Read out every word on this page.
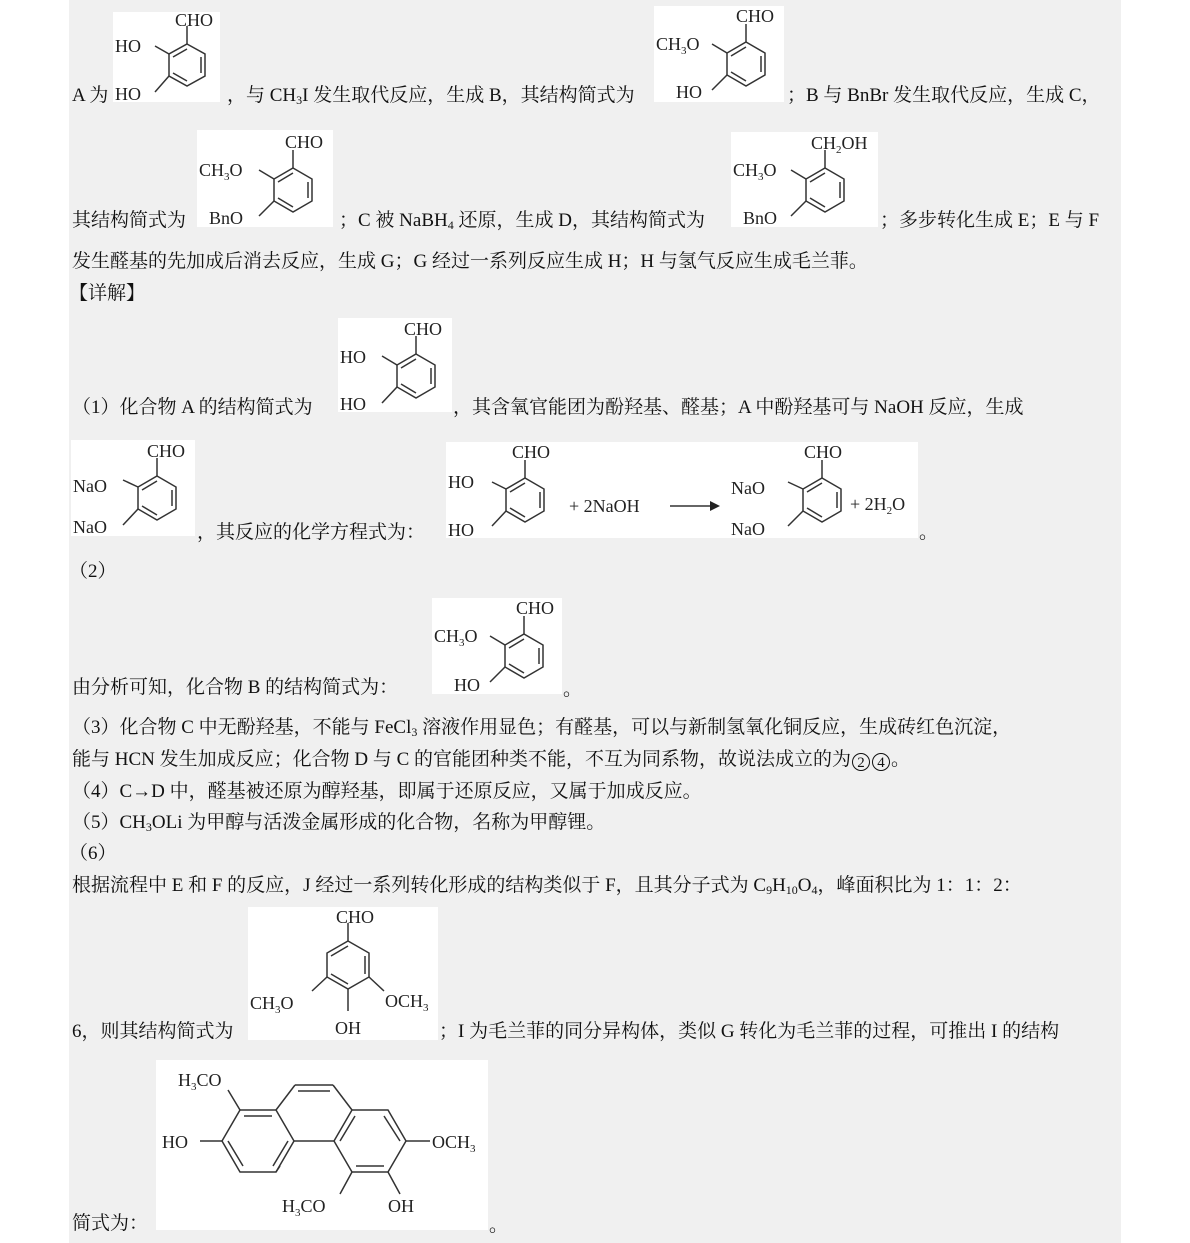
A 为
CHO
HO
HO	，与 $CH_3I$ 发生取代反应，生成 B，其结构简式为
CHO
$CH_3O$
HO	；B 与 BnBr 发生取代反应，生成 C，
其结构简式为
CHO
$CH_3O$
BnO	；C 被 NaBH$_4$ 还原，生成 D，其结构简式为
$CH_2OH$
$CH_3O$
BnO	；多步转化生成 E；E 与 F
发生醛基的先加成后消去反应，生成 G；G 经过一系列反应生成 H；H 与氢气反应生成毛兰菲。
【详解】
（1）化合物 A 的结构简式为
CHO
HO
HO	，其含氧官能团为酚羟基、醛基；A 中酚羟基可与 NaOH 反应，生成
CHO
NaO
NaO	，其反应的化学方程式为：
CHO
HO
HO
+ 2NaOH
CHO
NaO
NaO
+ $2H_2O$
。
（2）
由分析可知，化合物 B 的结构简式为：
CHO
$CH_3O$
HO	。
（3）化合物 C 中无酚羟基，不能与 FeCl$_3$ 溶液作用显色；有醛基，可以与新制氢氧化铜反应，生成砖红色沉淀，
能与 HCN 发生加成反应；化合物 D 与 C 的官能团种类不能，不互为同系物，故说法成立的为 2 4 。
（4）C→D 中，醛基被还原为醇羟基，即属于还原反应，又属于加成反应。
$(5)CH_3OLi$ 为甲醇与活泼金属形成的化合物，名称为甲醇锂。
（6）
根据流程中 E 和 F 的反应，J 经过一系列转化形成的结构类似于 F，且其分子式为 $C_9H_{10}O_4$，峰面积比为 1：1：2：
6，则其结构简式为
CHO
$CH_3O$	$OCH_3$
OH	；I 为毛兰菲的同分异构体，类似 G 转化为毛兰菲的过程，可推出 I 的结构
简式为：
$H_3CO$
HO	$OCH_3$
$H_3CO$	OH
。
